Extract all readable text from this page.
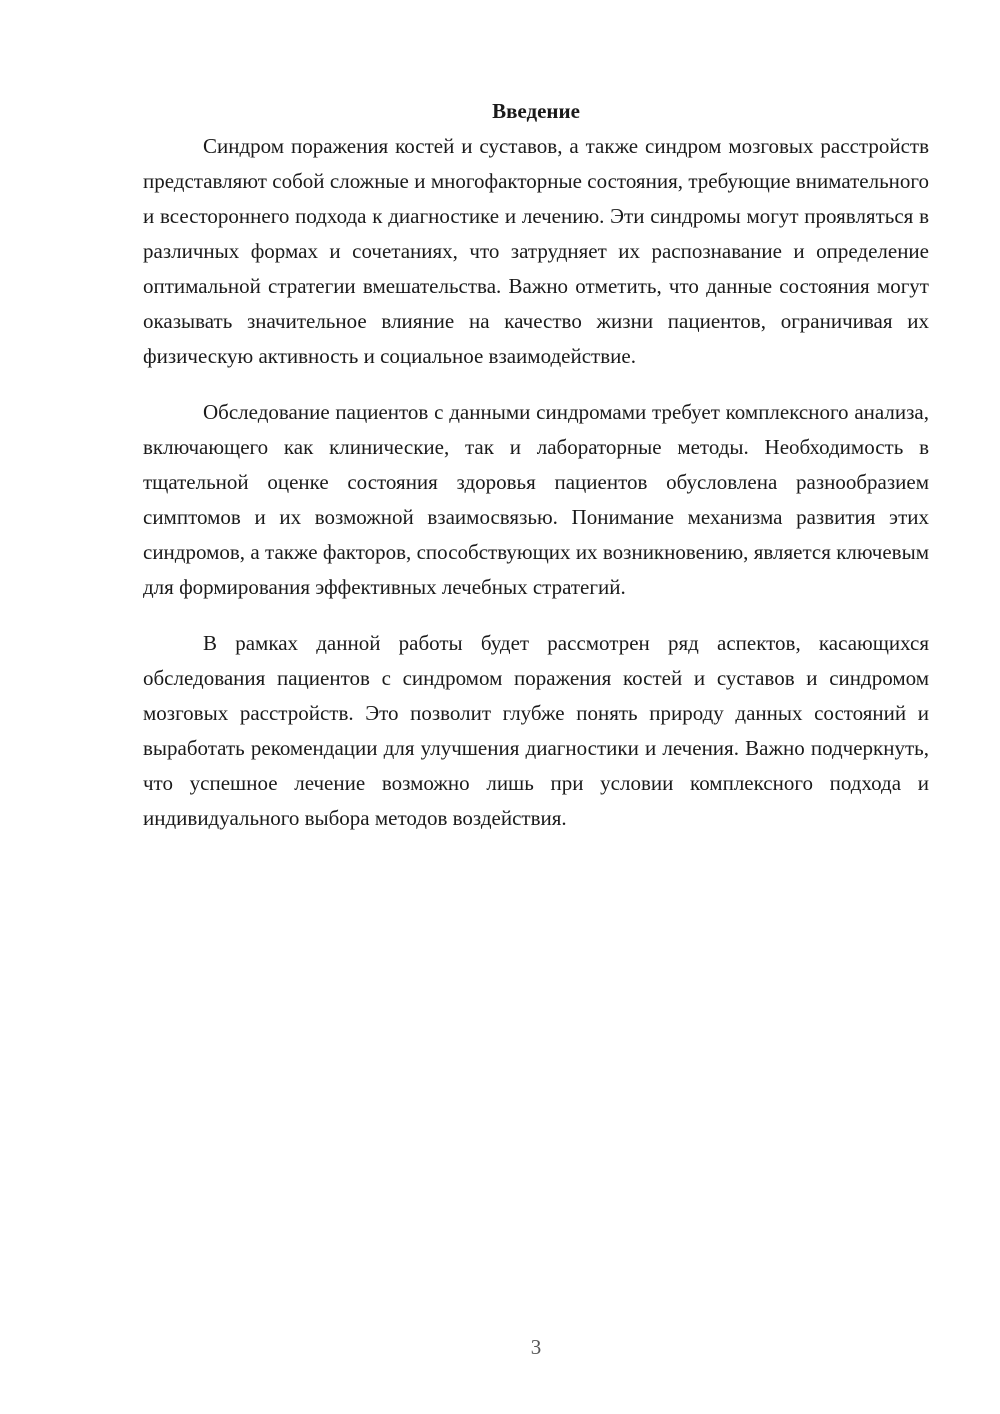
Введение

Синдром поражения костей и суставов, а также синдром мозговых расстройств представляют собой сложные и многофакторные состояния, требующие внимательного и всестороннего подхода к диагностике и лечению. Эти синдромы могут проявляться в различных формах и сочетаниях, что затрудняет их распознавание и определение оптимальной стратегии вмешательства. Важно отметить, что данные состояния могут оказывать значительное влияние на качество жизни пациентов, ограничивая их физическую активность и социальное взаимодействие.

Обследование пациентов с данными синдромами требует комплексного анализа, включающего как клинические, так и лабораторные методы. Необходимость в тщательной оценке состояния здоровья пациентов обусловлена разнообразием симптомов и их возможной взаимосвязью. Понимание механизма развития этих синдромов, а также факторов, способствующих их возникновению, является ключевым для формирования эффективных лечебных стратегий.

В рамках данной работы будет рассмотрен ряд аспектов, касающихся обследования пациентов с синдромом поражения костей и суставов и синдромом мозговых расстройств. Это позволит глубже понять природу данных состояний и выработать рекомендации для улучшения диагностики и лечения. Важно подчеркнуть, что успешное лечение возможно лишь при условии комплексного подхода и индивидуального выбора методов воздействия.

3
